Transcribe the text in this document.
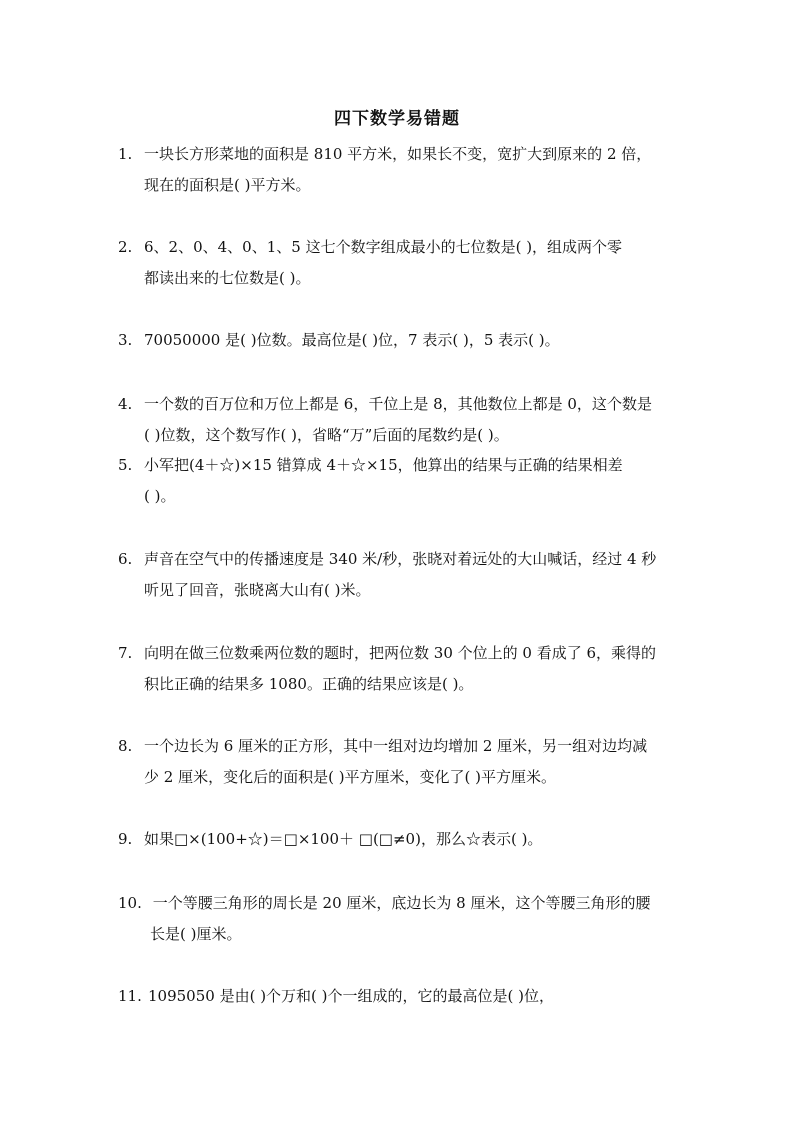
四下数学易错题
1. 一块长方形菜地的面积是 810 平方米，如果长不变，宽扩大到原来的 2 倍，
现在的面积是( )平方米。
2. 6、2、0、4、0、1、5 这七个数字组成最小的七位数是( )，组成两个零
都读出来的七位数是( )。
3. 70050000 是( )位数。最高位是( )位，7 表示( )，5 表示( )。
4. 一个数的百万位和万位上都是 6，千位上是 8，其他数位上都是 0，这个数是
( )位数，这个数写作( )，省略“万”后面的尾数约是( )。
5. 小军把(4＋☆)×15 错算成 4＋☆×15，他算出的结果与正确的结果相差
( )。
6. 声音在空气中的传播速度是 340 米/秒，张晓对着远处的大山喊话，经过 4 秒
听见了回音，张晓离大山有( )米。
7. 向明在做三位数乘两位数的题时，把两位数 30 个位上的 0 看成了 6，乘得的
积比正确的结果多 1080。正确的结果应该是( )。
8. 一个边长为 6 厘米的正方形，其中一组对边均增加 2 厘米，另一组对边均减
少 2 厘米，变化后的面积是( )平方厘米，变化了( )平方厘米。
9. 如果□×(100+☆)＝□×100＋ □(□≠0)，那么☆表示( )。
10. 一个等腰三角形的周长是 20 厘米，底边长为 8 厘米，这个等腰三角形的腰
长是( )厘米。
11. 1095050 是由( )个万和( )个一组成的，它的最高位是( )位，
